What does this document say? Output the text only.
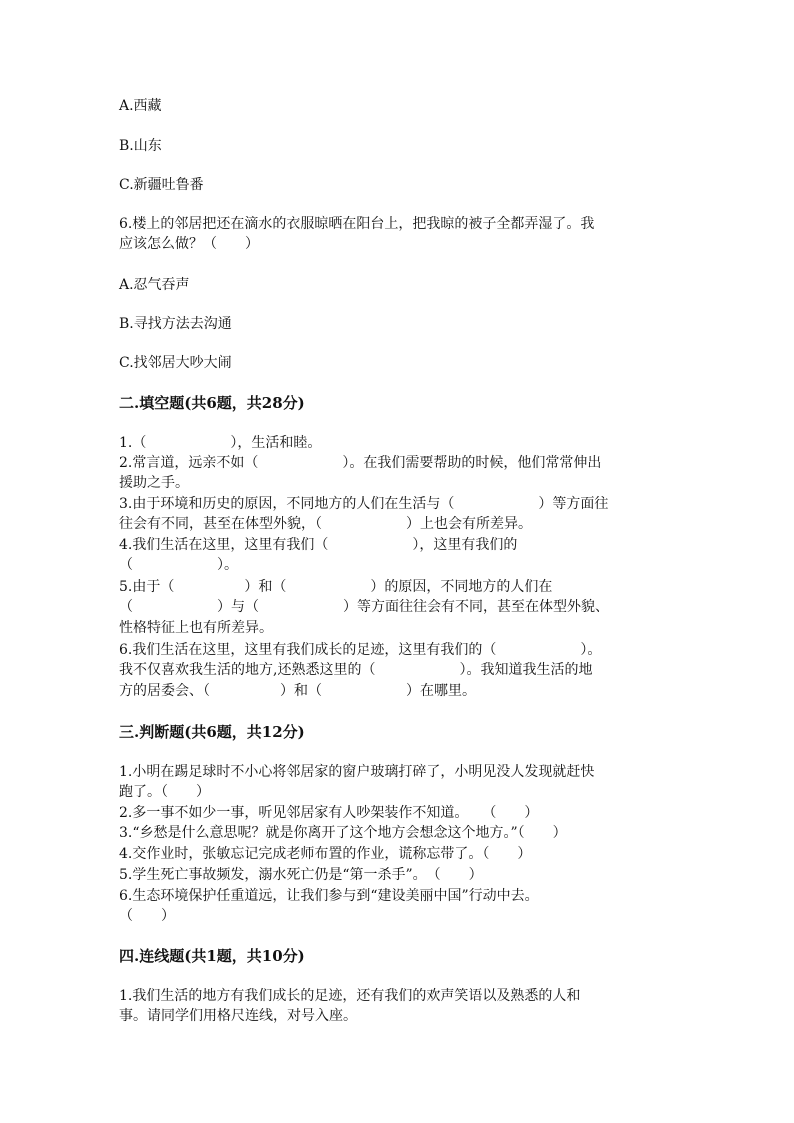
A.西藏
B.山东
C.新疆吐鲁番
6.楼上的邻居把还在滴水的衣服晾晒在阳台上，把我晾的被子全都弄湿了。我
应该怎么做？（　　）
A.忍气吞声
B.寻找方法去沟通
C.找邻居大吵大闹
二.填空题(共6题，共28分)
1.（　　　　　　），生活和睦。
2.常言道，远亲不如（　　　　　　）。在我们需要帮助的时候，他们常常伸出
援助之手。
3.由于环境和历史的原因，不同地方的人们在生活与（　　　　　　）等方面往
往会有不同，甚至在体型外貌，（　　　　　　）上也会有所差异。
4.我们生活在这里，这里有我们（　　　　　　），这里有我们的
（　　　　　　）。
5.由于（　　　　　）和（　　　　　　）的原因，不同地方的人们在
（　　　　　　）与（　　　　　　）等方面往往会有不同，甚至在体型外貌、
性格特征上也有所差异。
6.我们生活在这里，这里有我们成长的足迹，这里有我们的（　　　　　　）。
我不仅喜欢我生活的地方,还熟悉这里的（　　　　　　）。我知道我生活的地
方的居委会、（　　　　　）和（　　　　　　）在哪里。
三.判断题(共6题，共12分)
1.小明在踢足球时不小心将邻居家的窗户玻璃打碎了，小明见没人发现就赶快
跑了。（　　）
2.多一事不如少一事，听见邻居家有人吵架装作不知道。　　（　　）
3.“乡愁是什么意思呢？就是你离开了这个地方会想念这个地方。”（　　）
4.交作业时，张敏忘记完成老师布置的作业，谎称忘带了。（　　）
5.学生死亡事故频发，溺水死亡仍是“第一杀手”。　（　　）
6.生态环境保护任重道远，让我们参与到“建设美丽中国”行动中去。
（　　）
四.连线题(共1题，共10分)
1.我们生活的地方有我们成长的足迹，还有我们的欢声笑语以及熟悉的人和
事。请同学们用格尺连线，对号入座。
